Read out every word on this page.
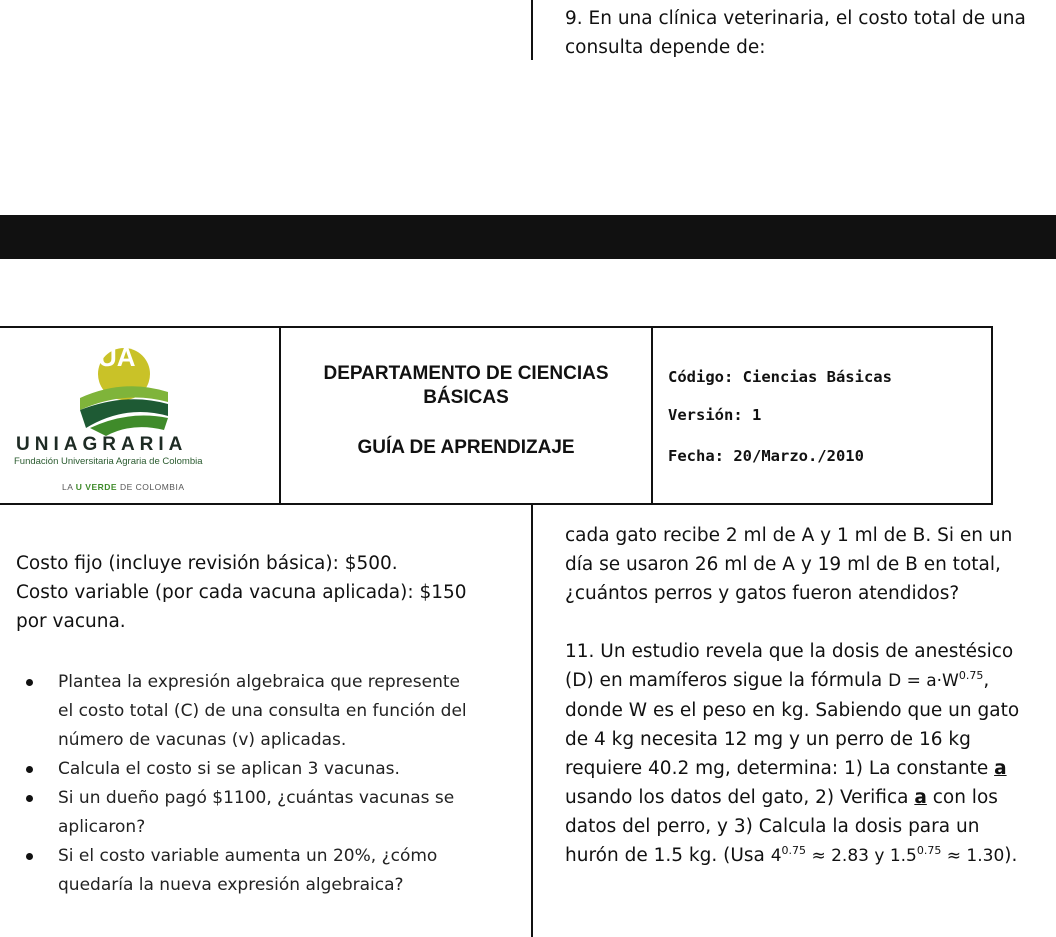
9. En una clínica veterinaria, el costo total de una
consulta depende de:
UA
UNIAGRARIA
Fundación Universitaria Agraria de Colombia
LA U VERDE DE COLOMBIA
DEPARTAMENTO DE CIENCIAS
BÁSICAS
GUÍA DE APRENDIZAJE
Código: Ciencias Básicas
Versión: 1
Fecha: 20/Marzo./2010
Costo fijo (incluye revisión básica): $500.
Costo variable (por cada vacuna aplicada): $150
por vacuna.
Plantea la expresión algebraica que represente el costo total (C) de una consulta en función del número de vacunas (v) aplicadas.
Calcula el costo si se aplican 3 vacunas.
Si un dueño pagó $1100, ¿cuántas vacunas se aplicaron?
Si el costo variable aumenta un 20%, ¿cómo quedaría la nueva expresión algebraica?
cada gato recibe 2 ml de A y 1 ml de B. Si en un
día se usaron 26 ml de A y 19 ml de B en total,
¿cuántos perros y gatos fueron atendidos?
11. Un estudio revela que la dosis de anestésico
(D) en mamíferos sigue la fórmula $D = a\cdot W^{0.75}$,
donde W es el peso en kg. Sabiendo que un gato
de 4 kg necesita 12 mg y un perro de 16 kg
requiere 40.2 mg, determina: 1) La constante a
usando los datos del gato, 2) Verifica a con los
datos del perro, y 3) Calcula la dosis para un
hurón de 1.5 kg. (Usa $4^{0.75} \approx 2.83$ y $1.5^{0.75} \approx 1.30$).
